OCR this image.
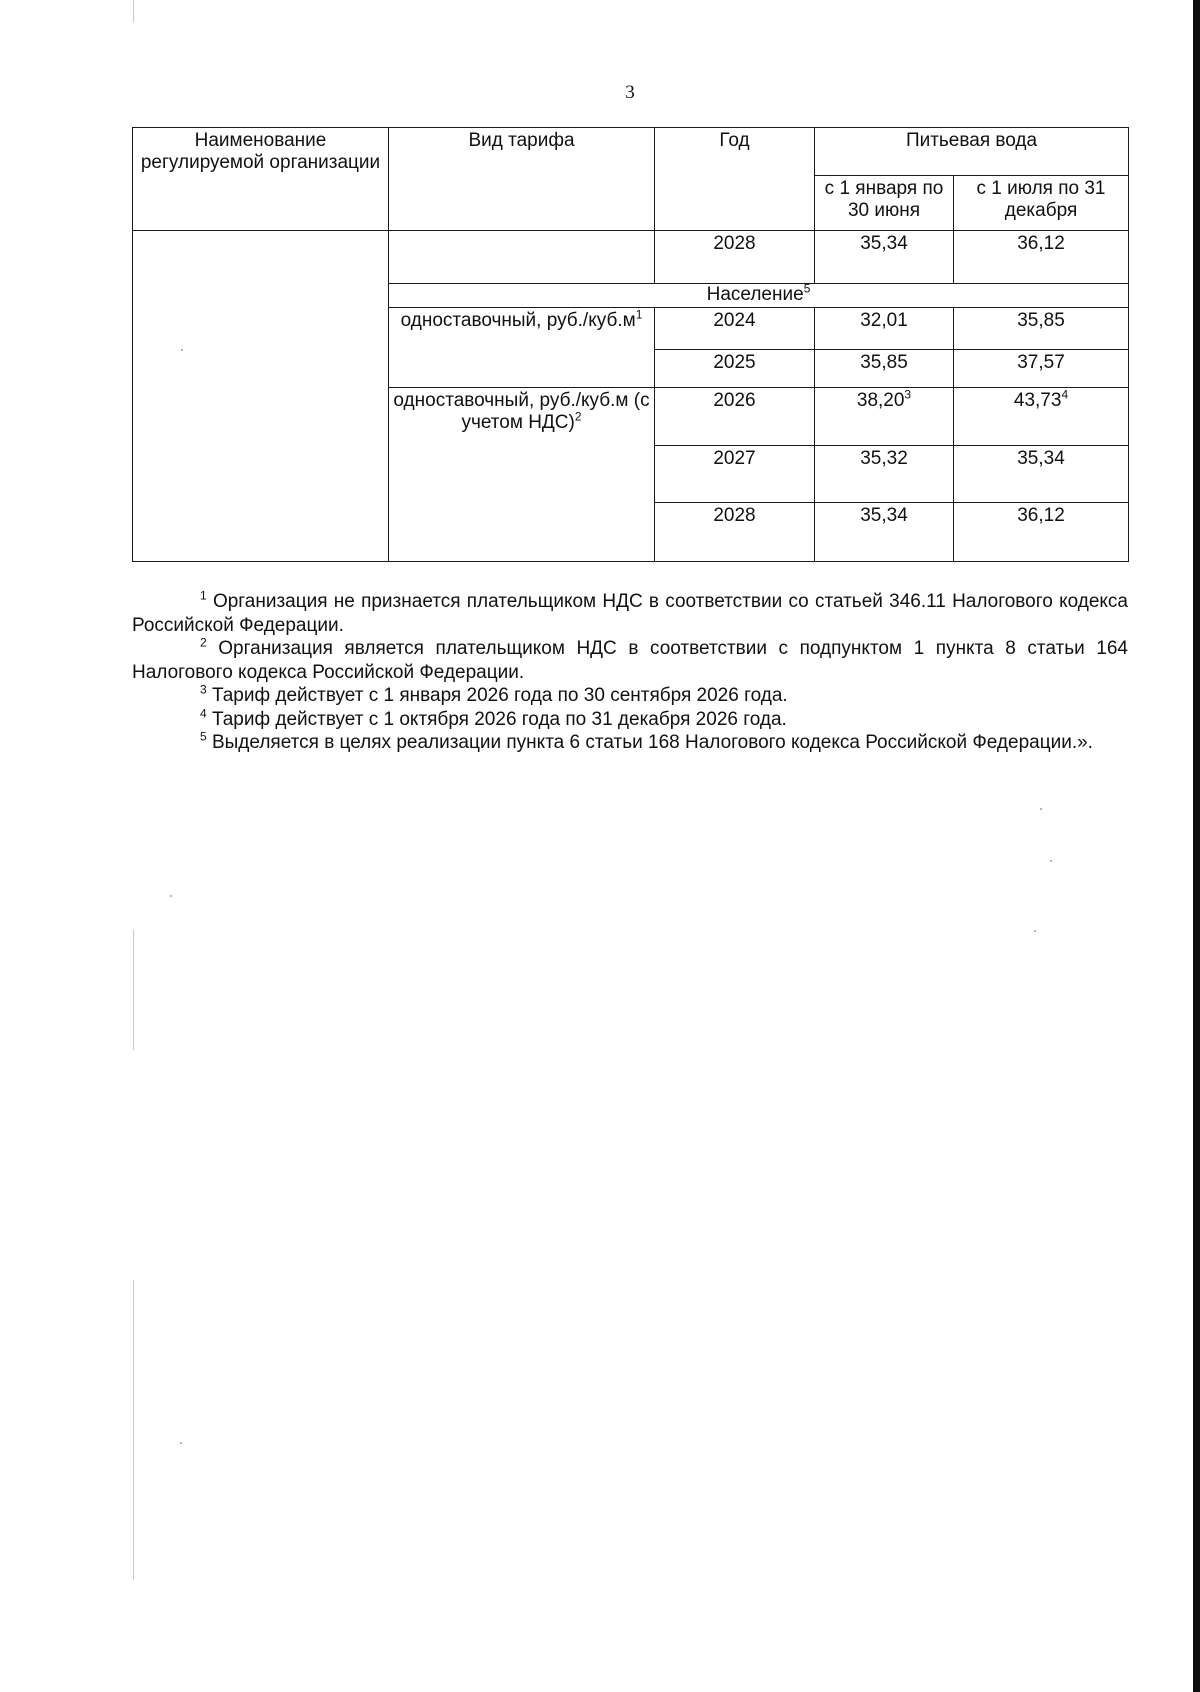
3
Наименование регулируемой организации	Вид тарифа	Год	Питьевая вода	
			с 1 января по 30 июня	с 1 июля по 31 декабря
		2028	35,34	36,12
	Население$^5$
	одноставочный, $руб./куб.м^1$	2024	32,01	35,85
		2025	35,85	37,57
	одноставочный, руб./куб.м (с учетом НДС)$^2$	2026	38,20$^3$	43,73$^4$
		2027	35,32	35,34
		2028	35,34	36,12

$^1$ Организация не признается плательщиком НДС в соответствии со статьей 346.11 Налогового кодекса Российской Федерации.

$^2$ Организация является плательщиком НДС в соответствии с подпунктом 1 пункта 8 статьи 164 Налогового кодекса Российской Федерации.

$^3$ Тариф действует с 1 января 2026 года по 30 сентября 2026 года.

$^4$ Тариф действует с 1 октября 2026 года по 31 декабря 2026 года.

$^5$ Выделяется в целях реализации пункта 6 статьи 168 Налогового кодекса Российской Федерации.».
